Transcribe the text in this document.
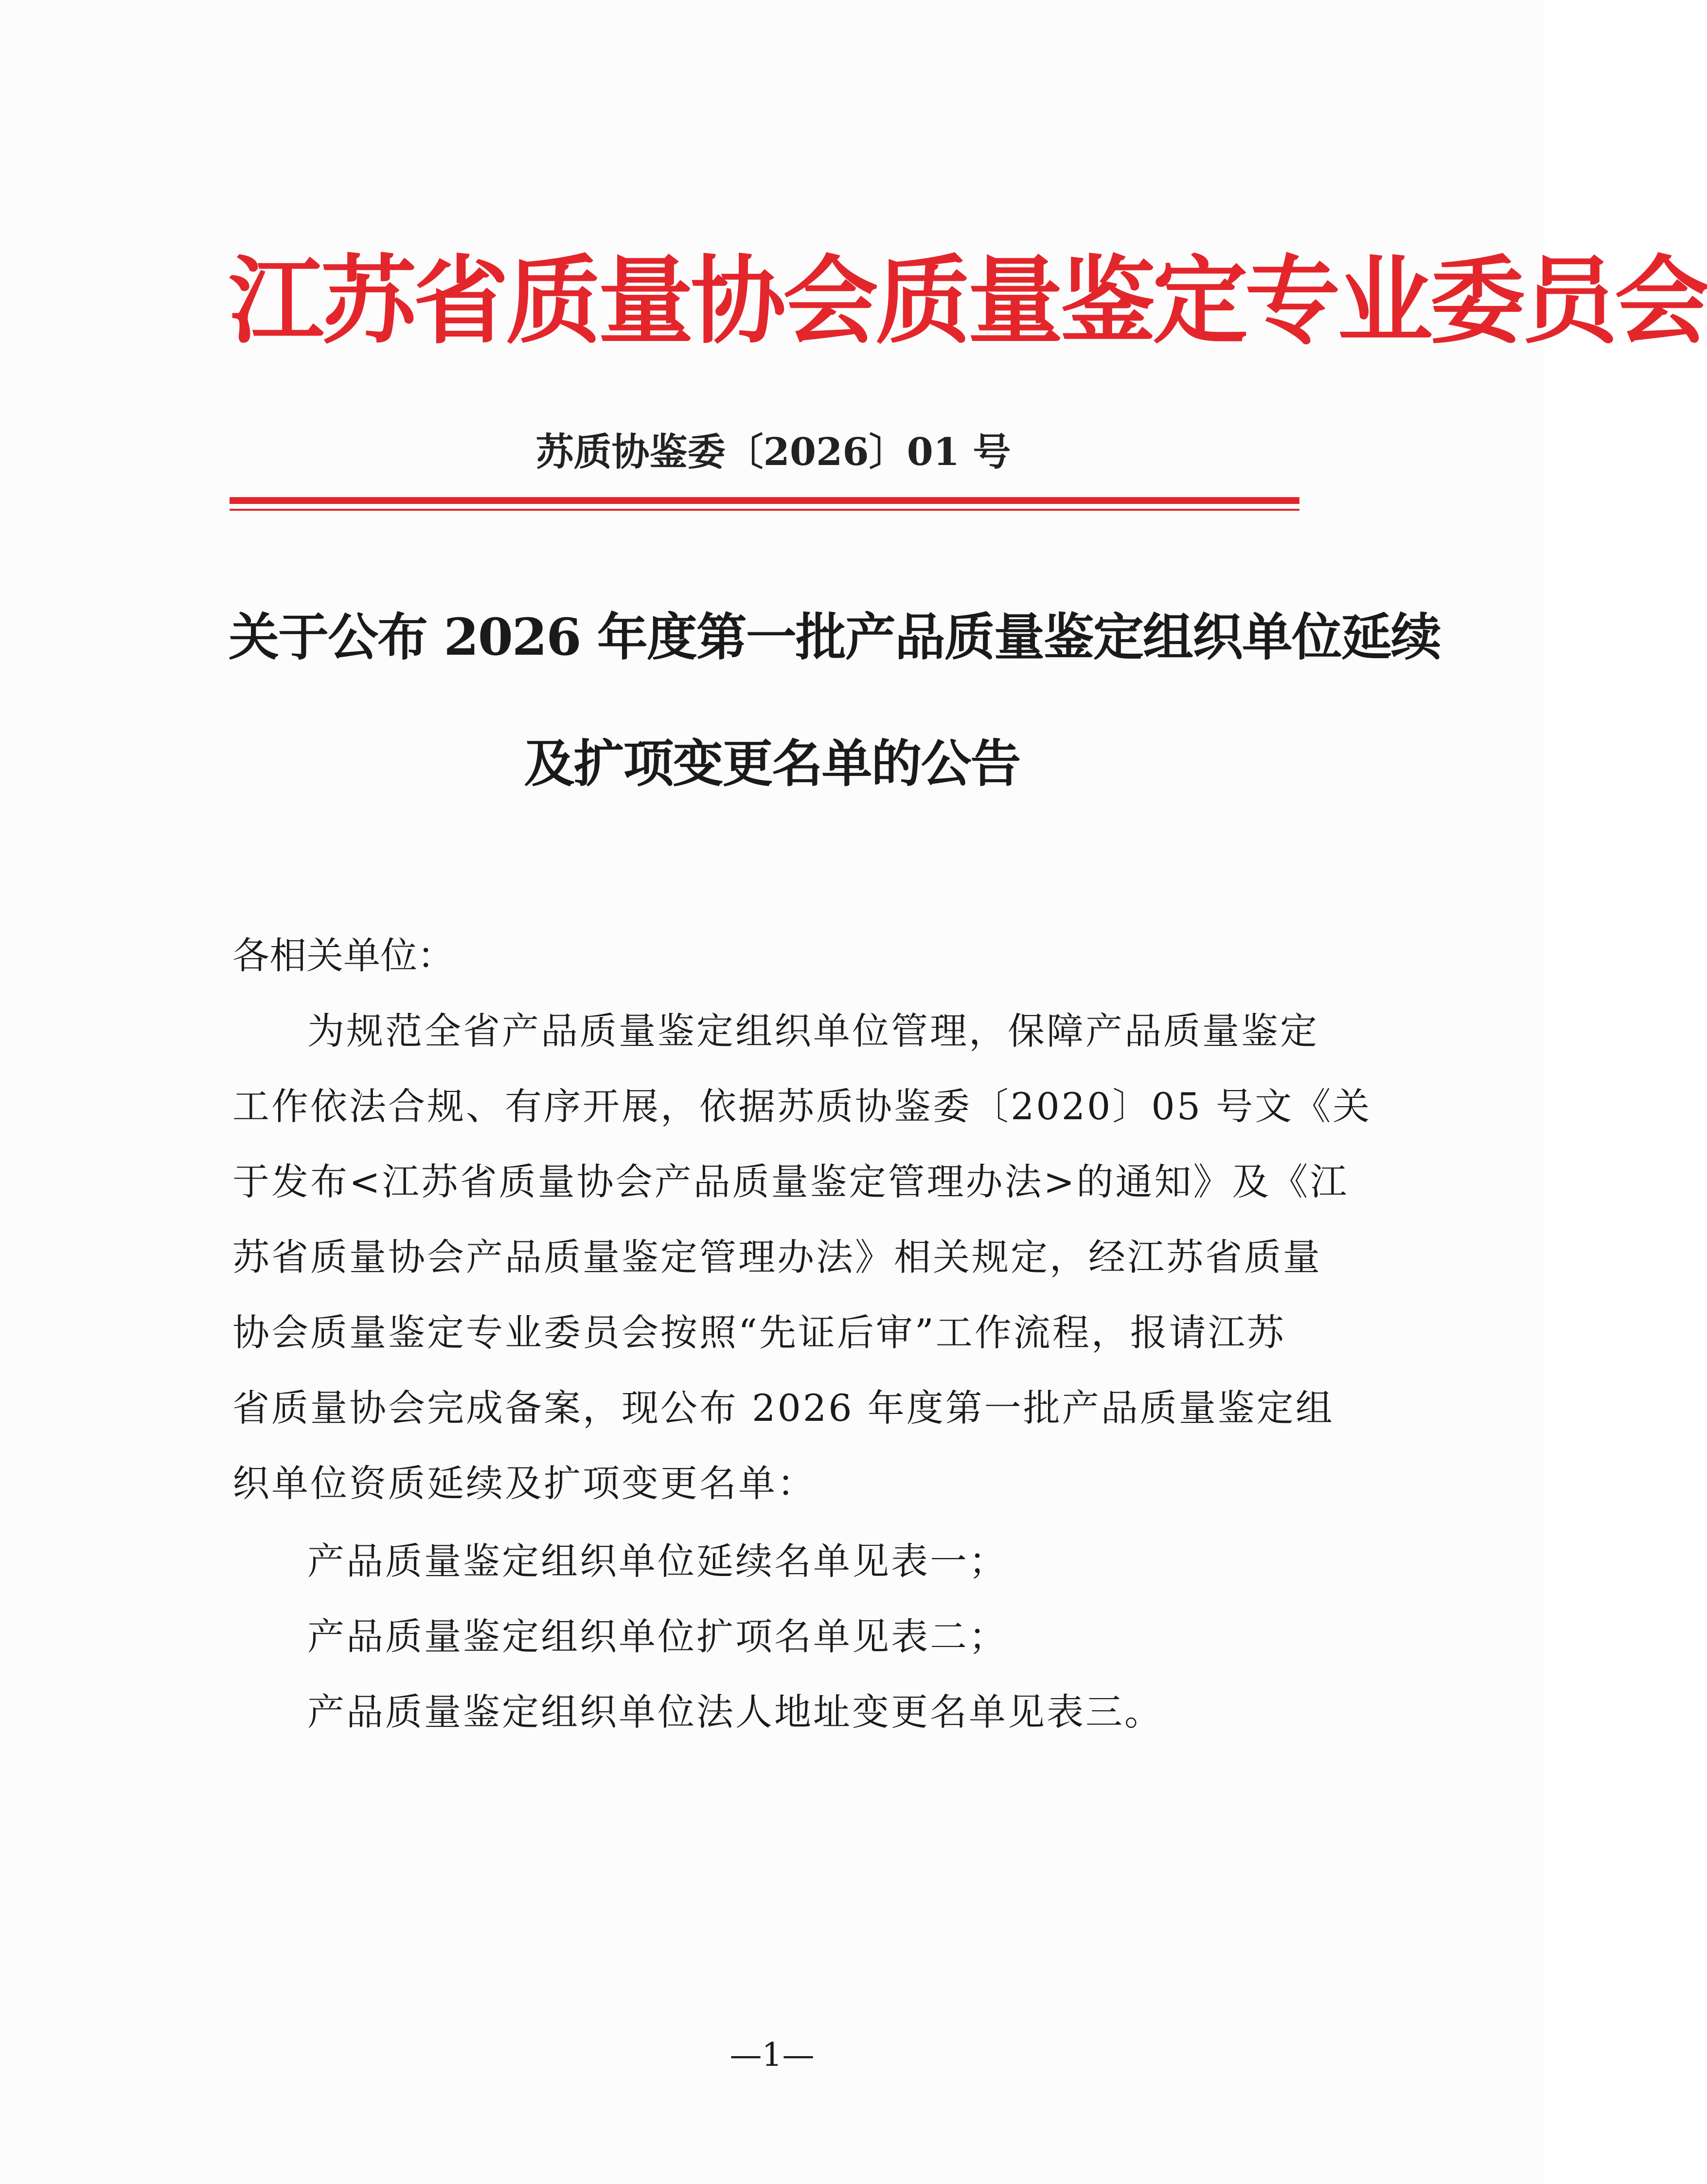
江苏省质量协会质量鉴定专业委员会
苏质协鉴委〔2026〕01 号
关于公布 2026 年度第一批产品质量鉴定组织单位延续
及扩项变更名单的公告
各相关单位：
为规范全省产品质量鉴定组织单位管理，保障产品质量鉴定
工作依法合规、有序开展，依据苏质协鉴委〔2020〕05 号文《关
于发布<江苏省质量协会产品质量鉴定管理办法>的通知》及《江
苏省质量协会产品质量鉴定管理办法》相关规定，经江苏省质量
协会质量鉴定专业委员会按照“先证后审”工作流程，报请江苏
省质量协会完成备案，现公布 2026 年度第一批产品质量鉴定组
织单位资质延续及扩项变更名单：
产品质量鉴定组织单位延续名单见表一；
产品质量鉴定组织单位扩项名单见表二；
产品质量鉴定组织单位法人地址变更名单见表三。
—1—
